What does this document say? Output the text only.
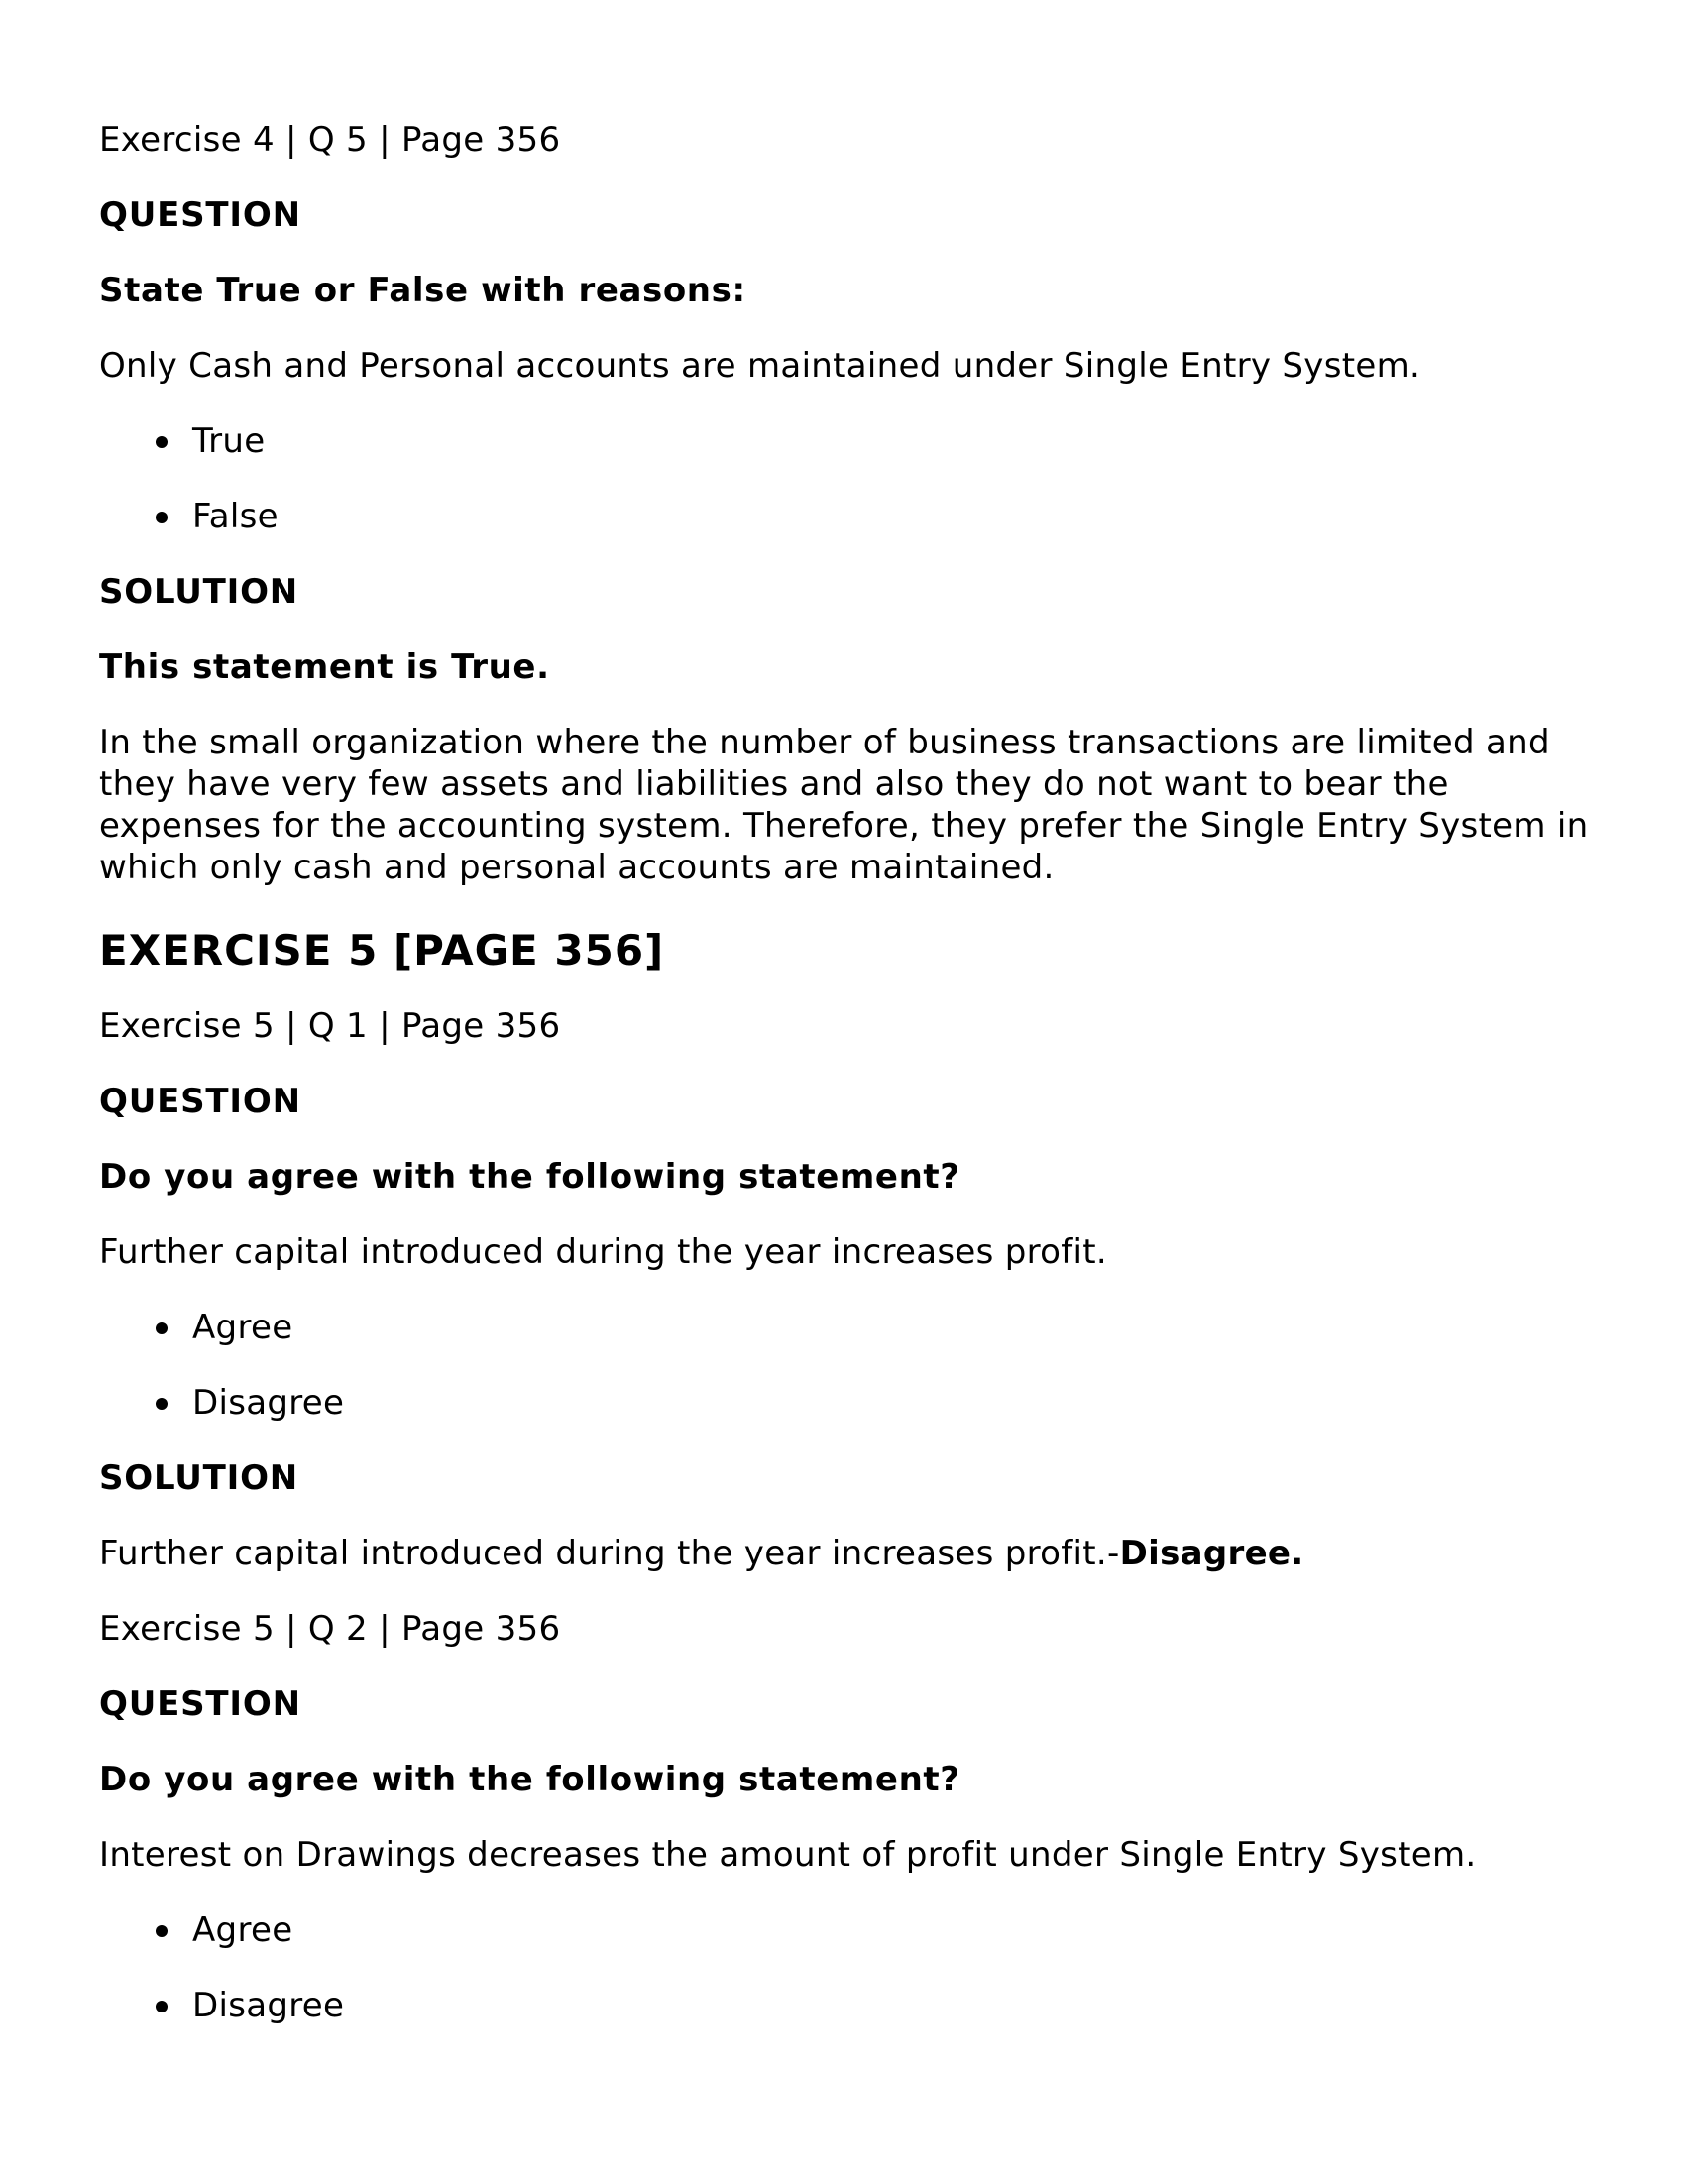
Exercise 4 | Q 5 | Page 356
QUESTION
State True or False with reasons:
Only Cash and Personal accounts are maintained under Single Entry System.
True
False
SOLUTION
This statement is True.
In the small organization where the number of business transactions are limited and they have very few assets and liabilities and also they do not want to bear the expenses for the accounting system. Therefore, they prefer the Single Entry System in which only cash and personal accounts are maintained.
EXERCISE 5 [PAGE 356]
Exercise 5 | Q 1 | Page 356
QUESTION
Do you agree with the following statement?
Further capital introduced during the year increases profit.
Agree
Disagree
SOLUTION
Further capital introduced during the year increases profit.-Disagree.
Exercise 5 | Q 2 | Page 356
QUESTION
Do you agree with the following statement?
Interest on Drawings decreases the amount of profit under Single Entry System.
Agree
Disagree
